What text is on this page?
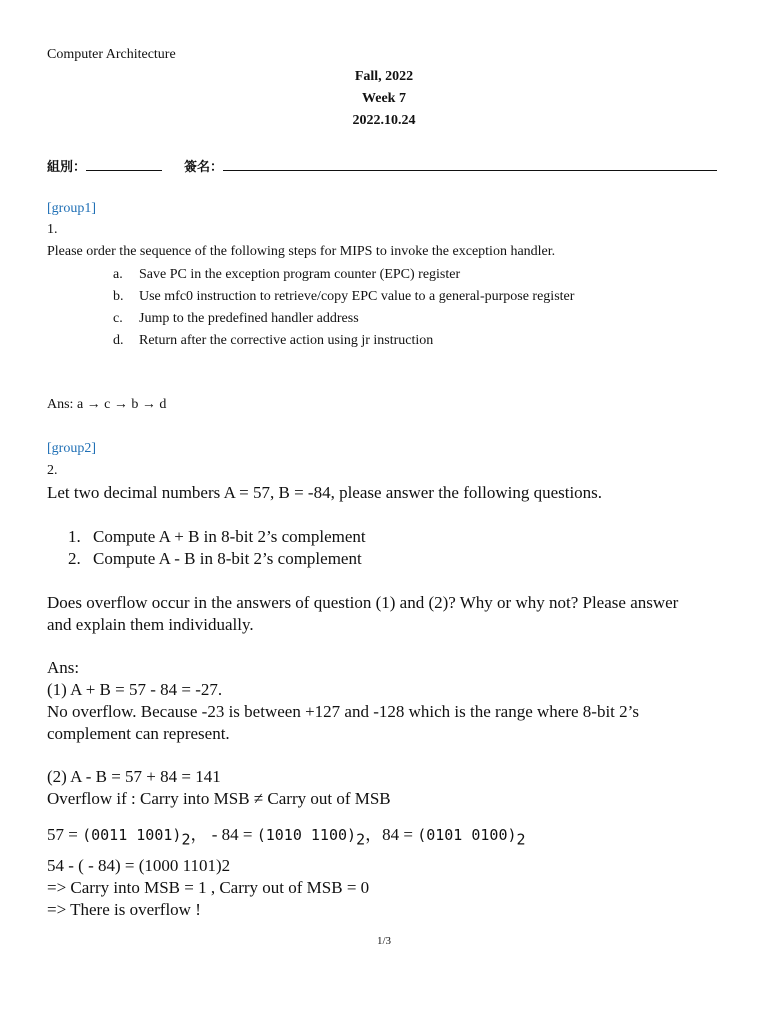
Computer Architecture
Fall, 2022
Week 7
2022.10.24
組別：	簽名：
[group1]
1.
Please order the sequence of the following steps for MIPS to invoke the exception handler.
a.	Save PC in the exception program counter (EPC) register
b.	Use mfc0 instruction to retrieve/copy EPC value to a general-purpose register
c.	Jump to the predefined handler address
d.	Return after the corrective action using jr instruction
Ans: a → c → b → d
[group2]
2.
Let two decimal numbers A = 57, B = -84, please answer the following questions.
1. Compute A + B in 8-bit 2’s complement
2. Compute A - B in 8-bit 2’s complement
Does overflow occur in the answers of question (1) and (2)? Why or why not? Please answer
and explain them individually.
Ans:
(1) A + B = 57 - 84 = -27.
No overflow. Because -23 is between +127 and -128 which is the range where 8-bit 2’s
complement can represent.
(2) A - B = 57 + 84 = 141
Overflow if : Carry into MSB ≠ Carry out of MSB
57 = (0011 $1001)_2$， - 84 = (1010 $1100)_2$，84 = (0101 $0100)_2$
54 - ( - 84) = (1000 1101)2
=> Carry into MSB = 1 , Carry out of MSB = 0
=> There is overflow !
1/3
